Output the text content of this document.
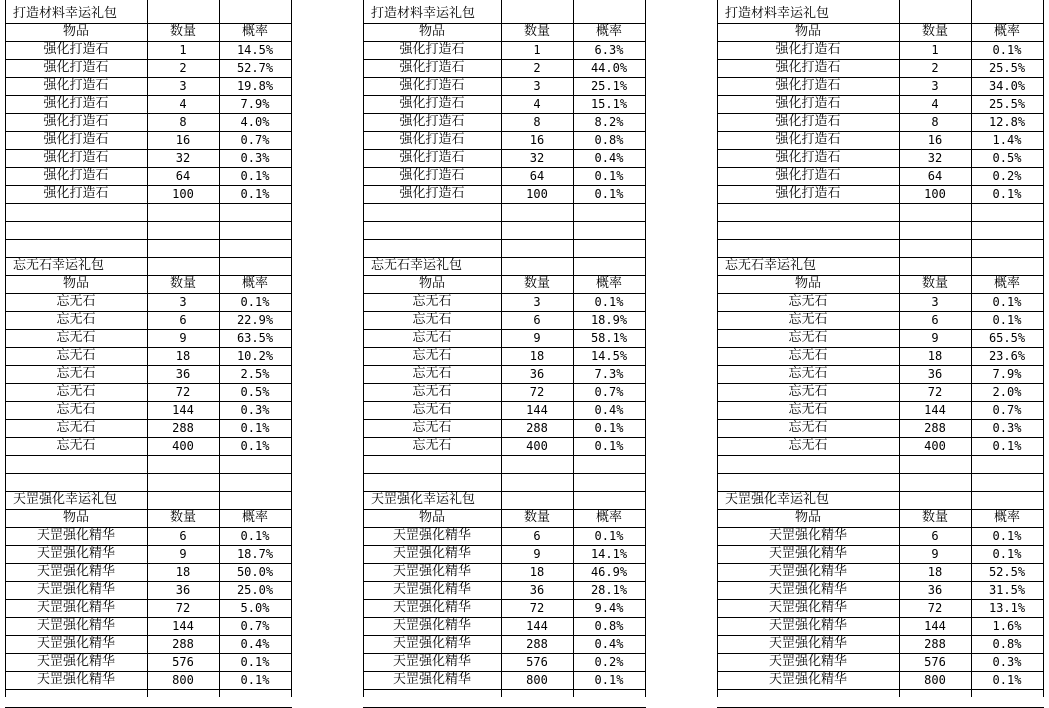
打造材料幸运礼包
物品	数量	概率
强化打造石	1	14.5%
强化打造石	2	52.7%
强化打造石	3	19.8%
强化打造石	4	7.9%
强化打造石	8	4.0%
强化打造石	16	0.7%
强化打造石	32	0.3%
强化打造石	64	0.1%
强化打造石	100	0.1%
打造材料幸运礼包
物品	数量	概率
强化打造石	1	6.3%
强化打造石	2	44.0%
强化打造石	3	25.1%
强化打造石	4	15.1%
强化打造石	8	8.2%
强化打造石	16	0.8%
强化打造石	32	0.4%
强化打造石	64	0.1%
强化打造石	100	0.1%
打造材料幸运礼包
物品	数量	概率
强化打造石	1	0.1%
强化打造石	2	25.5%
强化打造石	3	34.0%
强化打造石	4	25.5%
强化打造石	8	12.8%
强化打造石	16	1.4%
强化打造石	32	0.5%
强化打造石	64	0.2%
强化打造石	100	0.1%
忘无石幸运礼包
物品	数量	概率
忘无石	3	0.1%
忘无石	6	22.9%
忘无石	9	63.5%
忘无石	18	10.2%
忘无石	36	2.5%
忘无石	72	0.5%
忘无石	144	0.3%
忘无石	288	0.1%
忘无石	400	0.1%
忘无石幸运礼包
物品	数量	概率
忘无石	3	0.1%
忘无石	6	18.9%
忘无石	9	58.1%
忘无石	18	14.5%
忘无石	36	7.3%
忘无石	72	0.7%
忘无石	144	0.4%
忘无石	288	0.1%
忘无石	400	0.1%
忘无石幸运礼包
物品	数量	概率
忘无石	3	0.1%
忘无石	6	0.1%
忘无石	9	65.5%
忘无石	18	23.6%
忘无石	36	7.9%
忘无石	72	2.0%
忘无石	144	0.7%
忘无石	288	0.3%
忘无石	400	0.1%
天罡强化幸运礼包
物品	数量	概率
天罡强化精华	6	0.1%
天罡强化精华	9	18.7%
天罡强化精华	18	50.0%
天罡强化精华	36	25.0%
天罡强化精华	72	5.0%
天罡强化精华	144	0.7%
天罡强化精华	288	0.4%
天罡强化精华	576	0.1%
天罡强化精华	800	0.1%
天罡强化幸运礼包
物品	数量	概率
天罡强化精华	6	0.1%
天罡强化精华	9	14.1%
天罡强化精华	18	46.9%
天罡强化精华	36	28.1%
天罡强化精华	72	9.4%
天罡强化精华	144	0.8%
天罡强化精华	288	0.4%
天罡强化精华	576	0.2%
天罡强化精华	800	0.1%
天罡强化幸运礼包
物品	数量	概率
天罡强化精华	6	0.1%
天罡强化精华	9	0.1%
天罡强化精华	18	52.5%
天罡强化精华	36	31.5%
天罡强化精华	72	13.1%
天罡强化精华	144	1.6%
天罡强化精华	288	0.8%
天罡强化精华	576	0.3%
天罡强化精华	800	0.1%
